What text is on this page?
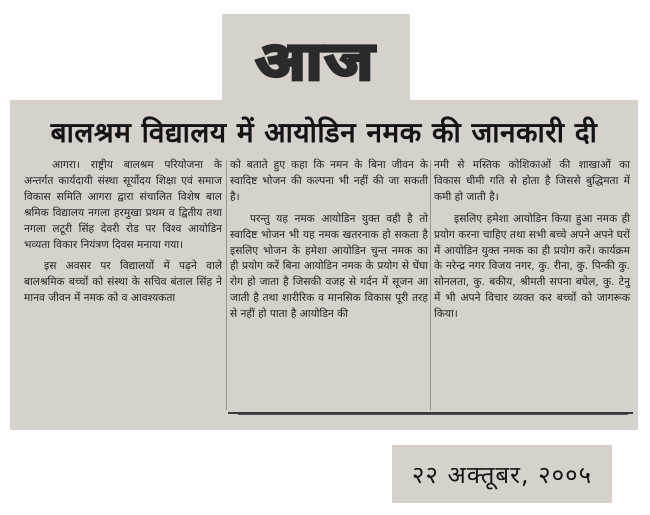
आज
बालश्रम विद्यालय में आयोडिन नमक की जानकारी दी

आगरा। राष्ट्रीय बालश्रम परियोजना के अन्तर्गत कार्यदायी संस्था सूर्योदय शिक्षा एवं समाज विकास समिति आगरा द्वारा संचालित विशेष बाल श्रमिक विद्यालय नगला हरमुखा प्रथम व द्वितीय तथा नगला लटूरी सिंह देवरी रोड पर विश्व आयोडिन भव्यता विकार नियंत्रण दिवस मनाया गया।

इस अवसर पर विद्यालयों में पढ़ने वाले बालश्रमिक बच्चों को संस्था के सचिव बंताल सिंह ने मानव जीवन में नमक को व आवश्यकता

को बताते हुए कहा कि नमन के बिना जीवन के स्वादिष्ट भोजन की कल्पना भी नहीं की जा सकती है।

परन्तु यह नमक आयोडिन युक्त वही है तो स्वादिष्ट भोजन भी यह नमक खतरनाक हो सकता है इसलिए भोजन के हमेशा आयोडिन चुन्त नमक का ही प्रयोग करें बिना आयोडिन नमक के प्रयोग से घेंघा रोग हो जाता है जिसकी वजह से गर्दन में सूजन आ जाती है तथा शारीरिक व मानसिक विकास पूरी तरह से नहीं हो पाता है आयोडिन की

नमी से मस्तिक कोशिकाओं की शाखाओं का विकास धीमी गति से होता है जिससे बुद्धिमता में कमी हो जाती है।

इसलिए हमेशा आयोडिन किया हुआ नमक ही प्रयोग करना चाहिए तथा सभी बच्चे अपने अपने घरों में आयोडिन युक्त नमक का ही प्रयोग करें। कार्यक्रम के नरेन्द्र नगर विजय नगर, कु. रीना, कु. पिन्की कु. सोनलता, कु. बकीय, श्रीमती सपना बघेल, कु. टेनु में भी अपने विचार व्यक्त कर बच्चों को जागरूक किया।

२२ अक्तूबर, २००५
